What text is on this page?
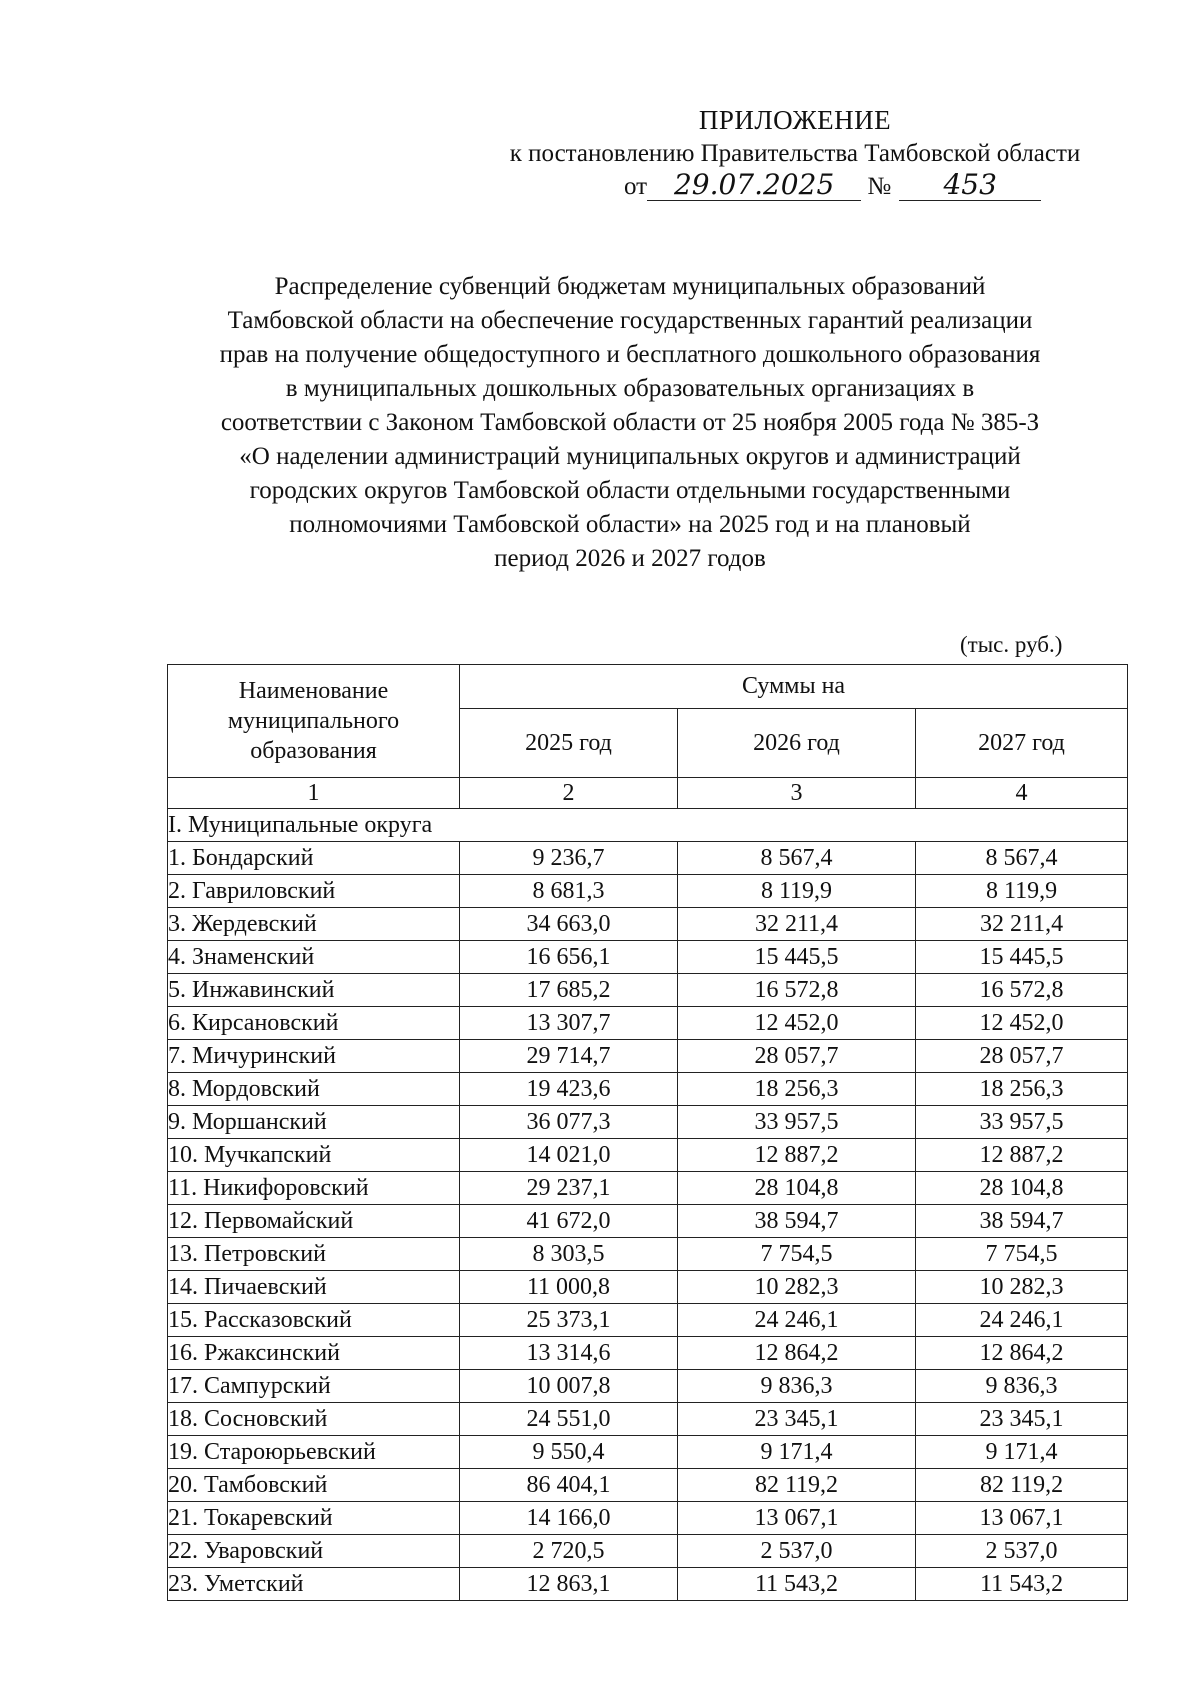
ПРИЛОЖЕНИЕ
к постановлению Правительства Тамбовской области
от 29.07.2025 № 453
Распределение субвенций бюджетам муниципальных образований
Тамбовской области на обеспечение государственных гарантий реализации
прав на получение общедоступного и бесплатного дошкольного образования
в муниципальных дошкольных образовательных организациях в
соответствии с Законом Тамбовской области от 25 ноября 2005 года № 385-З
«О наделении администраций муниципальных округов и администраций
городских округов Тамбовской области отдельными государственными
полномочиями Тамбовской области» на 2025 год и на плановый
период 2026 и 2027 годов
(тыс. руб.)
Наименование муниципального образования	Суммы на		
	2025 год	2026 год	2027 год
1	2	3	4
I. Муниципальные округа			
1. Бондарский	9 236,7	8 567,4	8 567,4
2. Гавриловский	8 681,3	8 119,9	8 119,9
3. Жердевский	34 663,0	32 211,4	32 211,4
4. Знаменский	16 656,1	15 445,5	15 445,5
5. Инжавинский	17 685,2	16 572,8	16 572,8
6. Кирсановский	13 307,7	12 452,0	12 452,0
7. Мичуринский	29 714,7	28 057,7	28 057,7
8. Мордовский	19 423,6	18 256,3	18 256,3
9. Моршанский	36 077,3	33 957,5	33 957,5
10. Мучкапский	14 021,0	12 887,2	12 887,2
11. Никифоровский	29 237,1	28 104,8	28 104,8
12. Первомайский	41 672,0	38 594,7	38 594,7
13. Петровский	8 303,5	7 754,5	7 754,5
14. Пичаевский	11 000,8	10 282,3	10 282,3
15. Рассказовский	25 373,1	24 246,1	24 246,1
16. Ржаксинский	13 314,6	12 864,2	12 864,2
17. Сампурский	10 007,8	9 836,3	9 836,3
18. Сосновский	24 551,0	23 345,1	23 345,1
19. Староюрьевский	9 550,4	9 171,4	9 171,4
20. Тамбовский	86 404,1	82 119,2	82 119,2
21. Токаревский	14 166,0	13 067,1	13 067,1
22. Уваровский	2 720,5	2 537,0	2 537,0
23. Уметский	12 863,1	11 543,2	11 543,2
